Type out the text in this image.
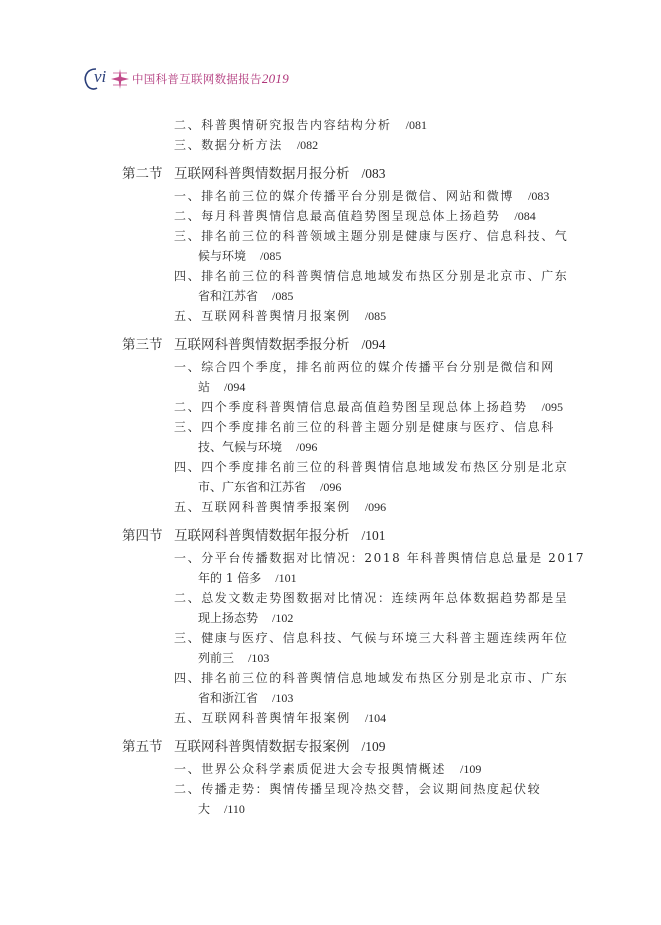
vi 中国科普互联网数据报告2019
二、科普舆情研究报告内容结构分析 /081
三、数据分析方法 /082
第二节 互联网科普舆情数据月报分析 /083
一、排名前三位的媒介传播平台分别是微信、网站和微博 /083
二、每月科普舆情信息最高值趋势图呈现总体上扬趋势 /084
三、排名前三位的科普领域主题分别是健康与医疗、信息科技、气
候与环境 /085
四、排名前三位的科普舆情信息地域发布热区分别是北京市、广东
省和江苏省 /085
五、互联网科普舆情月报案例 /085
第三节 互联网科普舆情数据季报分析 /094
一、综合四个季度，排名前两位的媒介传播平台分别是微信和网
站 /094
二、四个季度科普舆情信息最高值趋势图呈现总体上扬趋势 /095
三、四个季度排名前三位的科普主题分别是健康与医疗、信息科
技、气候与环境 /096
四、四个季度排名前三位的科普舆情信息地域发布热区分别是北京
市、广东省和江苏省 /096
五、互联网科普舆情季报案例 /096
第四节 互联网科普舆情数据年报分析 /101
一、分平台传播数据对比情况：2018 年科普舆情信息总量是 2017
年的 1 倍多 /101
二、总发文数走势图数据对比情况：连续两年总体数据趋势都是呈
现上扬态势 /102
三、健康与医疗、信息科技、气候与环境三大科普主题连续两年位
列前三 /103
四、排名前三位的科普舆情信息地域发布热区分别是北京市、广东
省和浙江省 /103
五、互联网科普舆情年报案例 /104
第五节 互联网科普舆情数据专报案例 /109
一、世界公众科学素质促进大会专报舆情概述 /109
二、传播走势：舆情传播呈现冷热交替，会议期间热度起伏较
大 /110
